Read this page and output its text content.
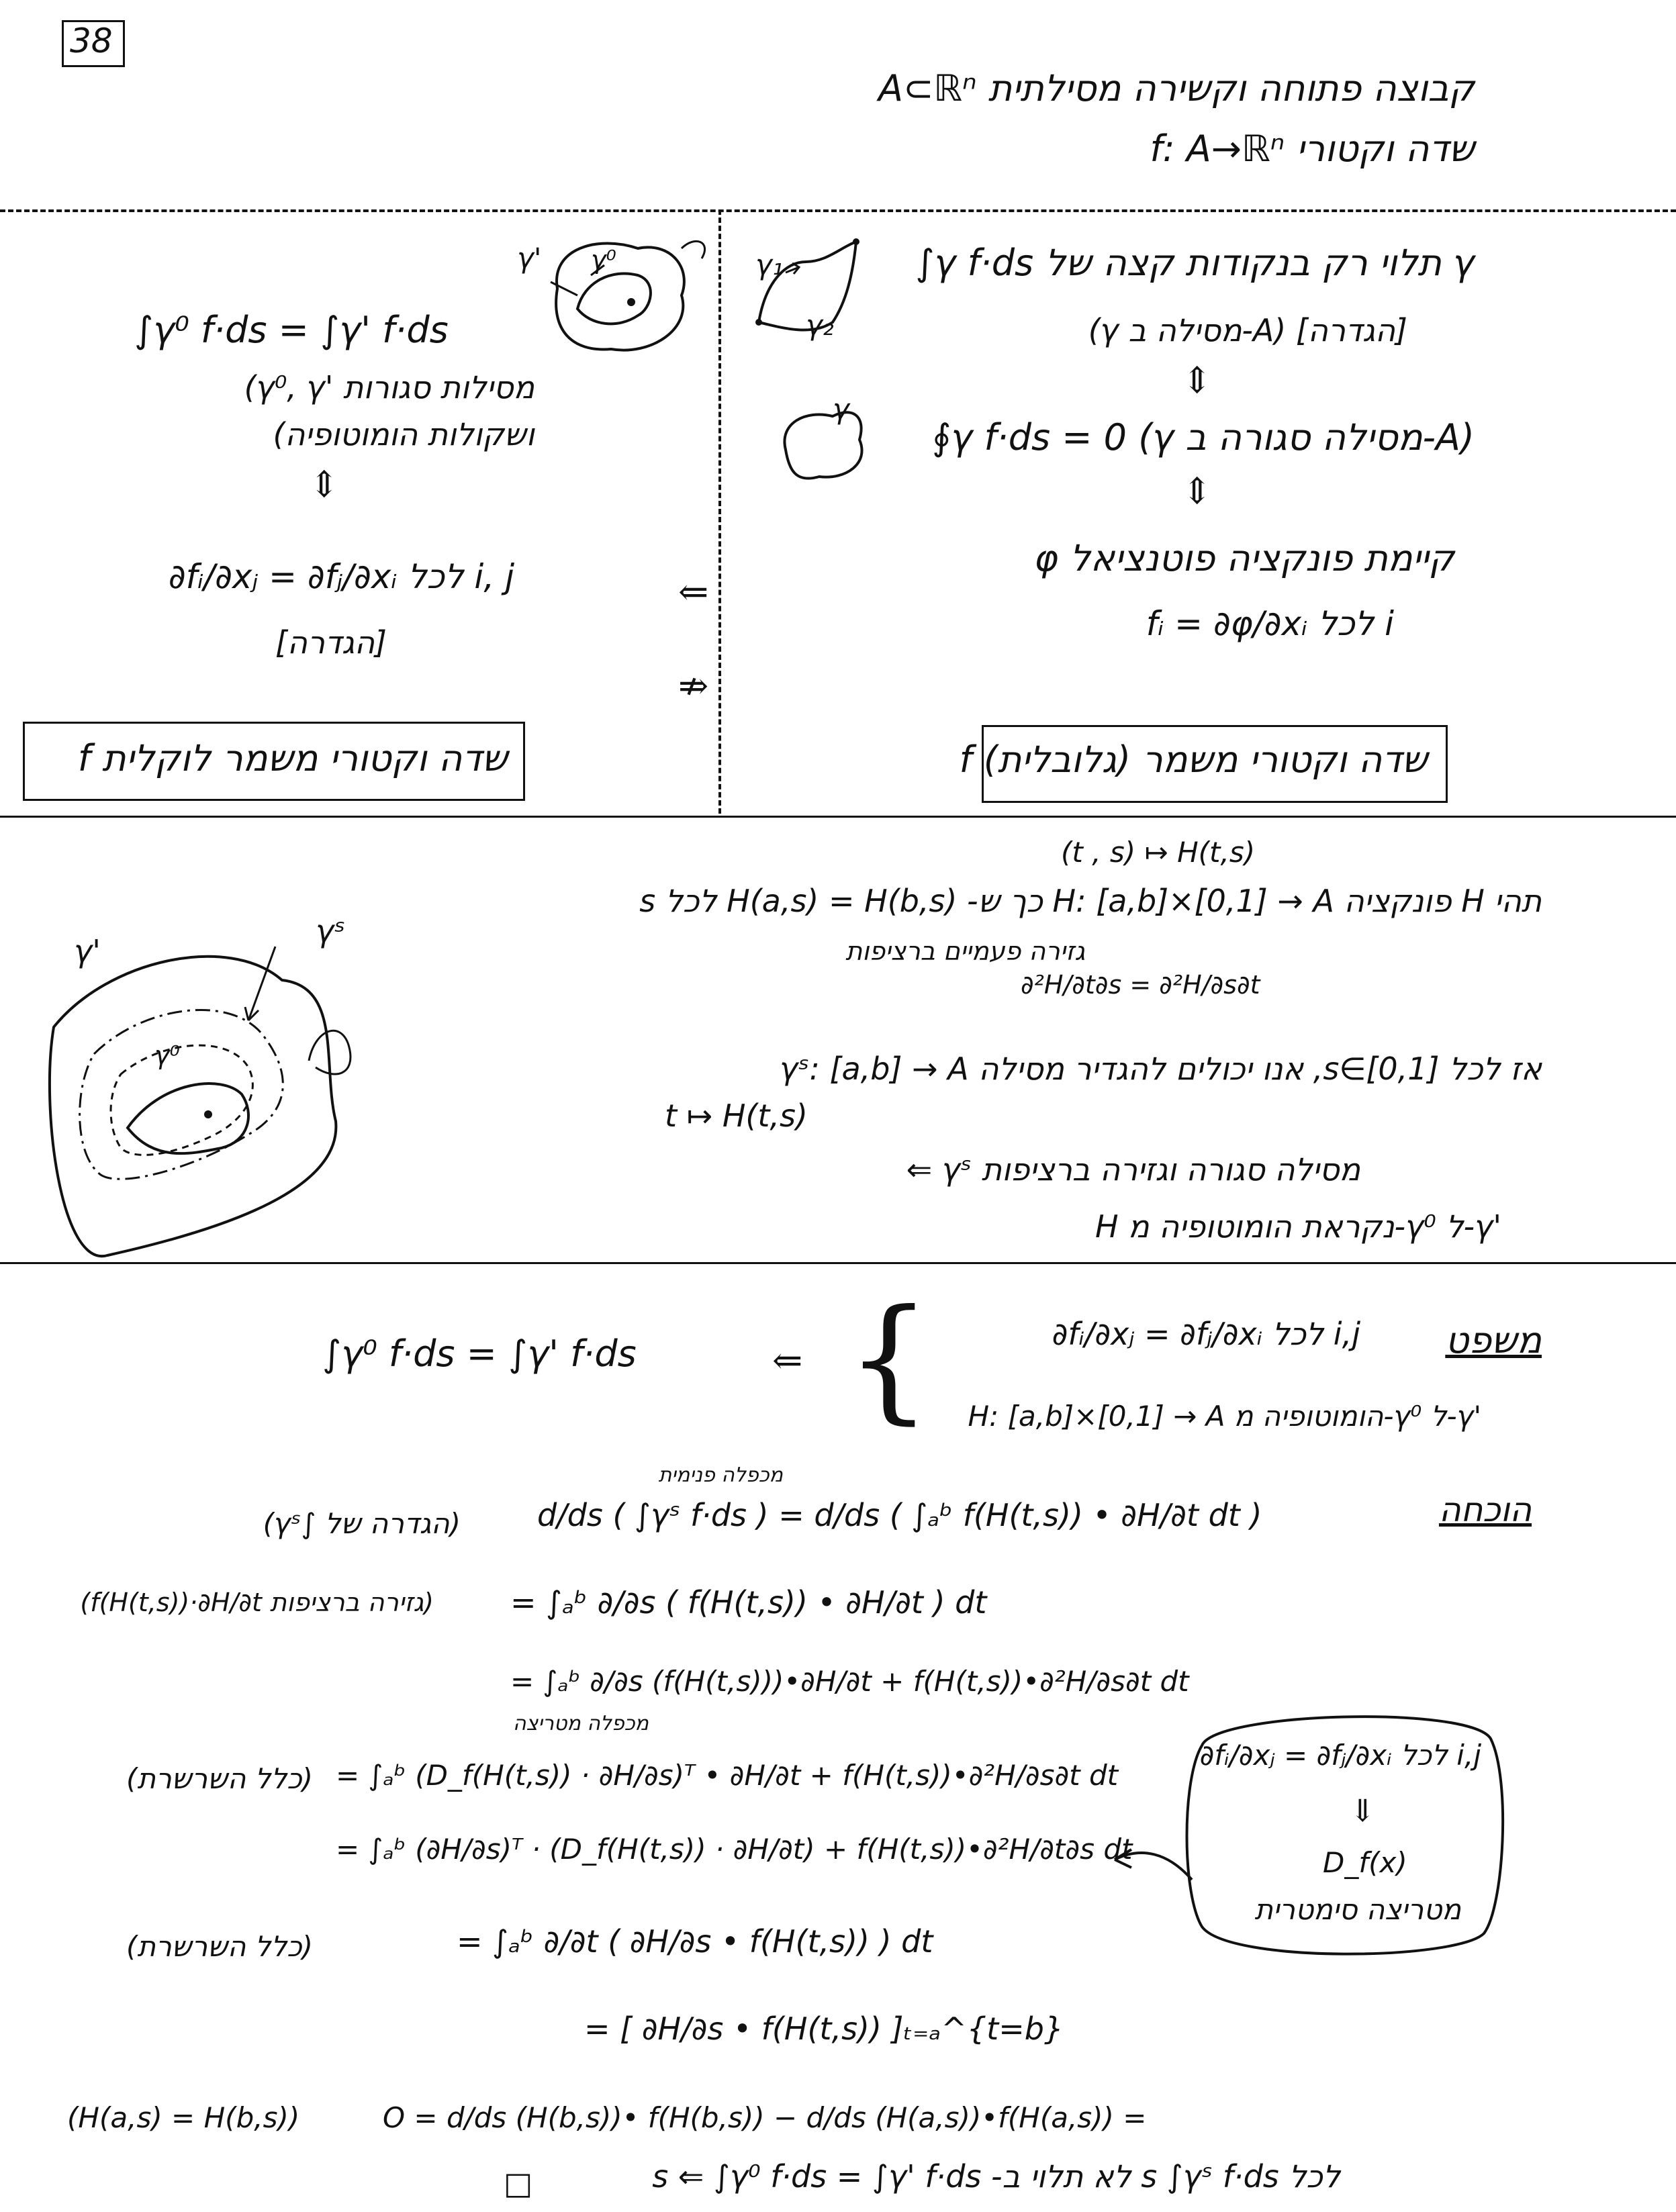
38
קבוצה פתוחה וקשירה מסילתית A⊂ℝⁿ
שדה וקטורי f: A→ℝⁿ
γ₁
γ₂
∫γ f·ds תלוי רק בנקודות קצה של γ
(γ מסילה ב-A) [הגדרה]
⇕
γ
∮γ f·ds = 0 (γ מסילה סגורה ב-A)
⇕
קיימת פונקציה פוטנציאל φ
fᵢ = ∂φ/∂xᵢ לכל i
f שדה וקטורי משמר (גלובלית)
γ' γ⁰
∫γ⁰ f·ds = ∫γ' f·ds
(γ⁰, γ' מסילות סגורות
ושקולות הומוטופיה)
⇕
∂fᵢ/∂xⱼ = ∂fⱼ/∂xᵢ לכל i, j
[הגדרה]
f שדה וקטורי משמר לוקלית
⇐
⇏
γ'
γˢ
γ⁰
(t , s) ↦ H(t,s)
תהי H פונקציה H: [a,b]×[0,1] → A כך ש- H(a,s) = H(b,s) לכל s
גזירה פעמיים ברציפות
∂²H/∂t∂s = ∂²H/∂s∂t
אז לכל s∈[0,1], אנו יכולים להגדיר מסילה γˢ: [a,b] → A
t ↦ H(t,s)
⇐ γˢ מסילה סגורה וגזירה ברציפות
H נקראת הומוטופיה מ-γ⁰ ל-γ'
משפט
∂fᵢ/∂xⱼ = ∂fⱼ/∂xᵢ לכל i,j
H: [a,b]×[0,1] → A הומוטופיה מ-γ⁰ ל-γ'
{
⇐
∫γ⁰ f·ds = ∫γ' f·ds
הוכחה
מכפלה פנימית
d/ds ( ∫γˢ f·ds ) = d/ds ( ∫ₐᵇ f(H(t,s)) • ∂H/∂t dt )
= ∫ₐᵇ ∂/∂s ( f(H(t,s)) • ∂H/∂t ) dt
= ∫ₐᵇ ∂/∂s (f(H(t,s)))•∂H/∂t + f(H(t,s))•∂²H/∂s∂t dt
מכפלה מטריצה
= ∫ₐᵇ (D_f(H(t,s)) · ∂H/∂s)ᵀ • ∂H/∂t + f(H(t,s))•∂²H/∂s∂t dt
= ∫ₐᵇ (∂H/∂s)ᵀ · (D_f(H(t,s)) · ∂H/∂t) + f(H(t,s))•∂²H/∂t∂s dt
= ∫ₐᵇ ∂/∂t ( ∂H/∂s • f(H(t,s)) ) dt
= [ ∂H/∂s • f(H(t,s)) ]ₜ₌ₐ^{t=b}
O = d/ds (H(b,s))• f(H(b,s)) − d/ds (H(a,s))•f(H(a,s)) =
(הגדרה של ∫γˢ)
(f(H(t,s))·∂H/∂t גזירה ברציפות)
(כלל השרשרת)
(כלל השרשרת)
(H(a,s) = H(b,s))
∂fᵢ/∂xⱼ = ∂fⱼ/∂xᵢ לכל i,j
⇓
D_f(x)
מטריצה סימטרית
לכל s ∫γˢ f·ds לא תלוי ב- s ⇐ ∫γ⁰ f·ds = ∫γ' f·ds
□
